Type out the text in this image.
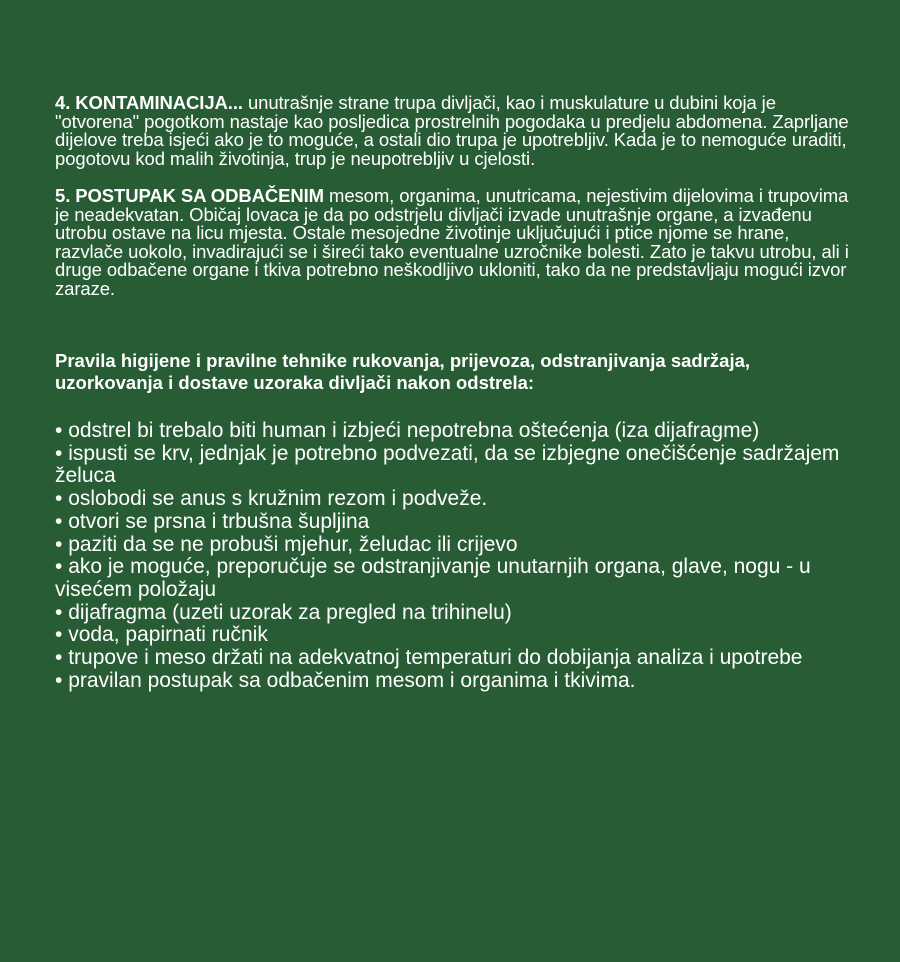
4. KONTAMINACIJA... unutrašnje strane trupa divljači, kao i muskulature u dubini koja je "otvorena" pogotkom nastaje kao posljedica prostrelnih pogodaka u predjelu abdomena. Zaprljane dijelove treba isjeći ako je to moguće, a ostali dio trupa je upotrebljiv. Kada je to nemoguće uraditi, pogotovu kod malih životinja, trup je neupotrebljiv u cjelosti.

5. POSTUPAK SA ODBAČENIM mesom, organima, unutricama, nejestivim dijelovima i trupovima je neadekvatan. Običaj lovaca je da po odstrjelu divljači izvade unutrašnje organe, a izvađenu utrobu ostave na licu mjesta. Ostale mesojedne životinje uključujući i ptice njome se hrane, razvlače uokolo, invadirajući se i šireći tako eventualne uzročnike bolesti. Zato je takvu utrobu, ali i druge odbačene organe i tkiva potrebno neškodljivo ukloniti, tako da ne predstavljaju mogući izvor zaraze.

Pravila higijene i pravilne tehnike rukovanja, prijevoza, odstranjivanja sadržaja, uzorkovanja i dostave uzoraka divljači nakon odstrela:

• odstrel bi trebalo biti human i izbjeći nepotrebna oštećenja (iza dijafragme)
• ispusti se krv, jednjak je potrebno podvezati, da se izbjegne onečišćenje sadržajem želuca
• oslobodi se anus s kružnim rezom i podveže.
• otvori se prsna i trbušna šupljina
• paziti da se ne probuši mjehur, želudac ili crijevo
• ako je moguće, preporučuje se odstranjivanje unutarnjih organa, glave, nogu - u visećem položaju
• dijafragma (uzeti uzorak za pregled na trihinelu)
• voda, papirnati ručnik
• trupove i meso držati na adekvatnoj temperaturi do dobijanja analiza i upotrebe
• pravilan postupak sa odbačenim mesom i organima i tkivima.
